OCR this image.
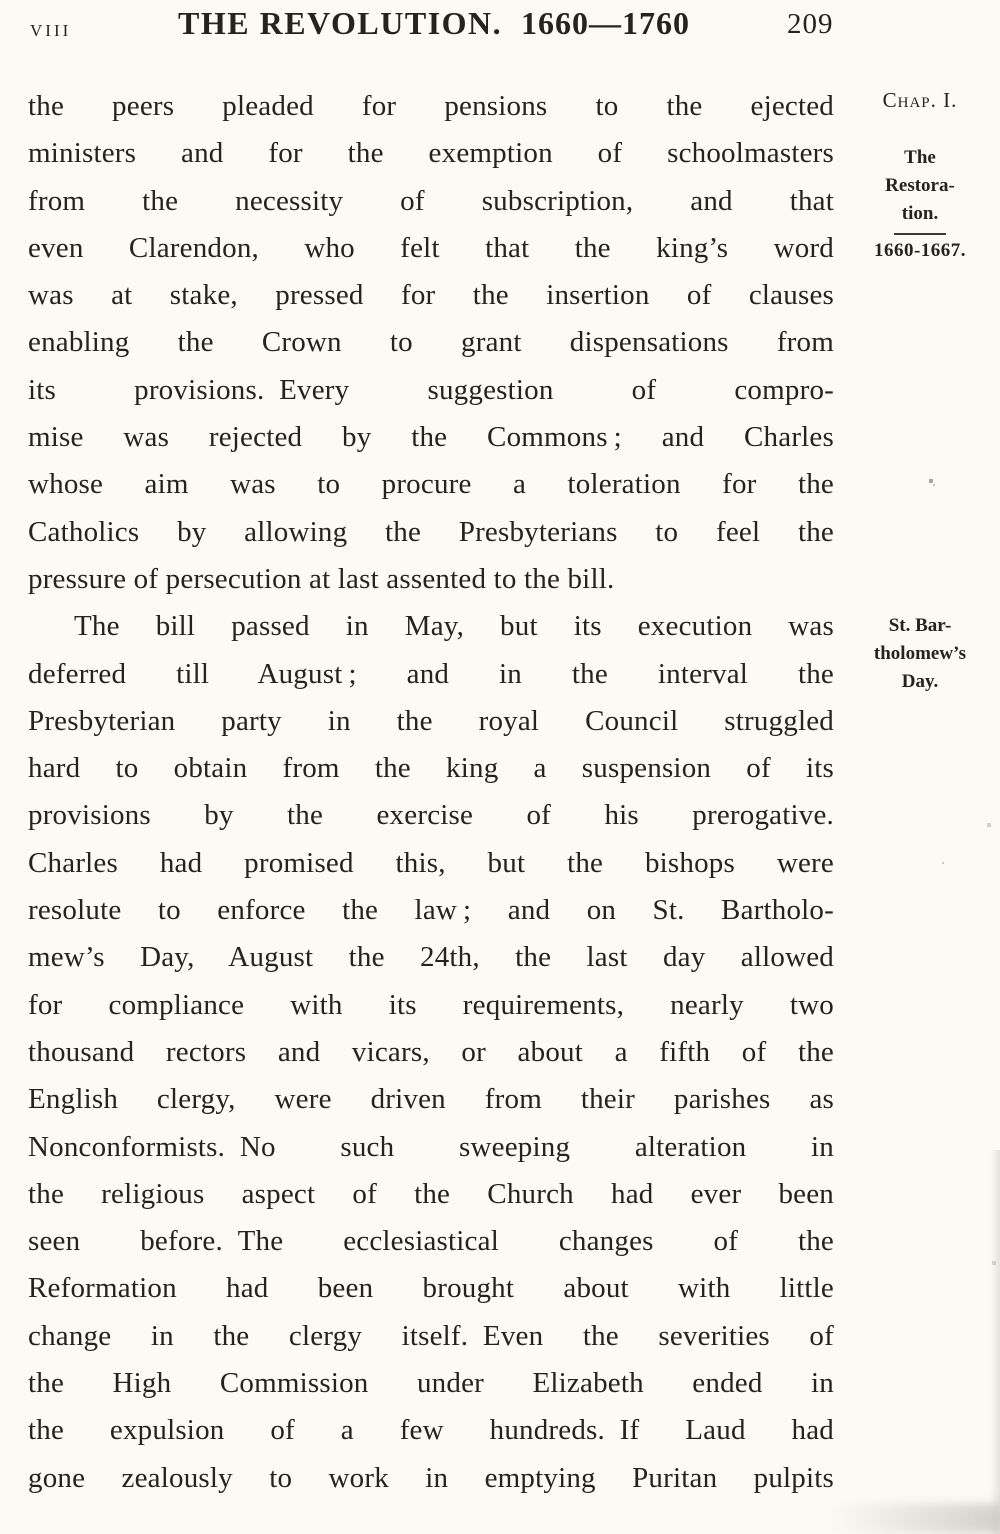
viii	THE REVOLUTION. 1660—1760	209
the peers pleaded for pensions to the ejected
ministers and for the exemption of schoolmasters
from the necessity of subscription, and that
even Clarendon, who felt that the king’s word
was at stake, pressed for the insertion of clauses
enabling the Crown to grant dispensations from
its provisions. Every suggestion of compro-
mise was rejected by the Commons ; and Charles
whose aim was to procure a toleration for the
Catholics by allowing the Presbyterians to feel the
pressure of persecution at last assented to the bill.
The bill passed in May, but its execution was
deferred till August ; and in the interval the
Presbyterian party in the royal Council struggled
hard to obtain from the king a suspension of its
provisions by the exercise of his prerogative.
Charles had promised this, but the bishops were
resolute to enforce the law ; and on St. Bartholo-
mew’s Day, August the 24th, the last day allowed
for compliance with its requirements, nearly two
thousand rectors and vicars, or about a fifth of the
English clergy, were driven from their parishes as
Nonconformists. No such sweeping alteration in
the religious aspect of the Church had ever been
seen before. The ecclesiastical changes of the
Reformation had been brought about with little
change in the clergy itself. Even the severities of
the High Commission under Elizabeth ended in
the expulsion of a few hundreds. If Laud had
gone zealously to work in emptying Puritan pulpits
Chap. I.
The
Restora-
tion.
1660-1667.
St. Bar-
tholomew’s
Day.
